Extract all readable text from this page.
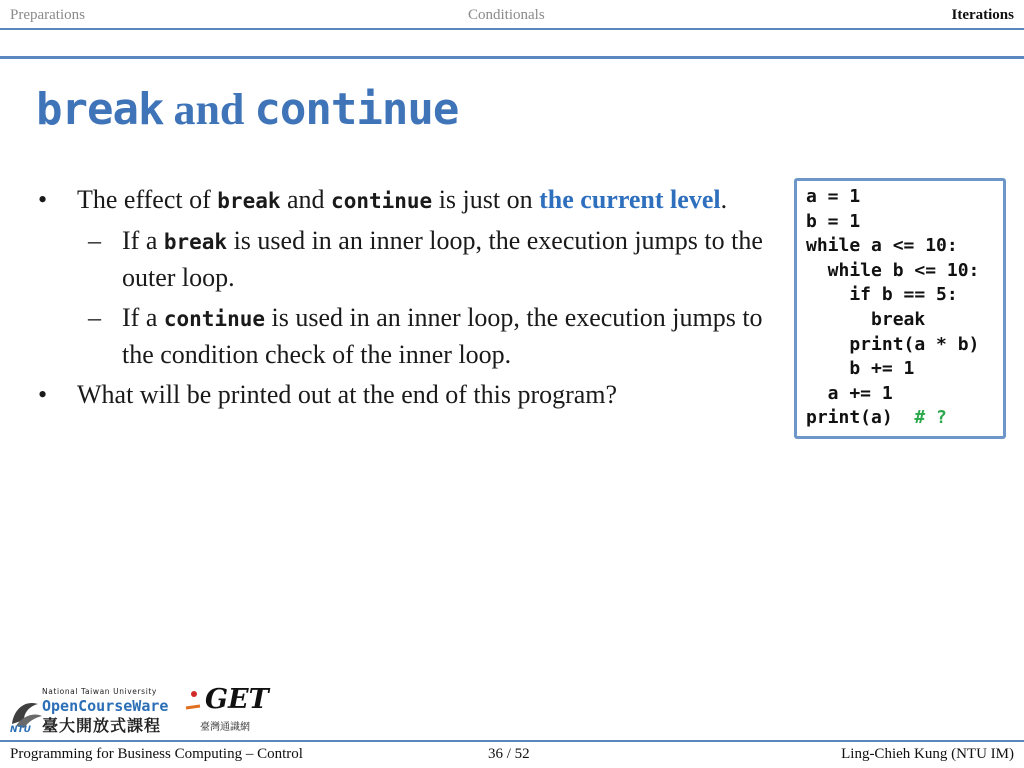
Preparations	Conditionals	Iterations
break and continue
• The effect of break and continue is just on the current level.
– If a break is used in an inner loop, the execution jumps to the outer loop.
– If a continue is used in an inner loop, the execution jumps to the condition check of the inner loop.
• What will be printed out at the end of this program?
a = 1
b = 1
while a <= 10:
while b <= 10:
if b == 5:
break
print(a * b)
b += 1
a += 1
print(a)  # ?
NTU
National Taiwan University
OpenCourseWare
臺大開放式課程
GET
臺灣通識網
Programming for Business Computing – Control	36 / 52	Ling-Chieh Kung (NTU IM)
